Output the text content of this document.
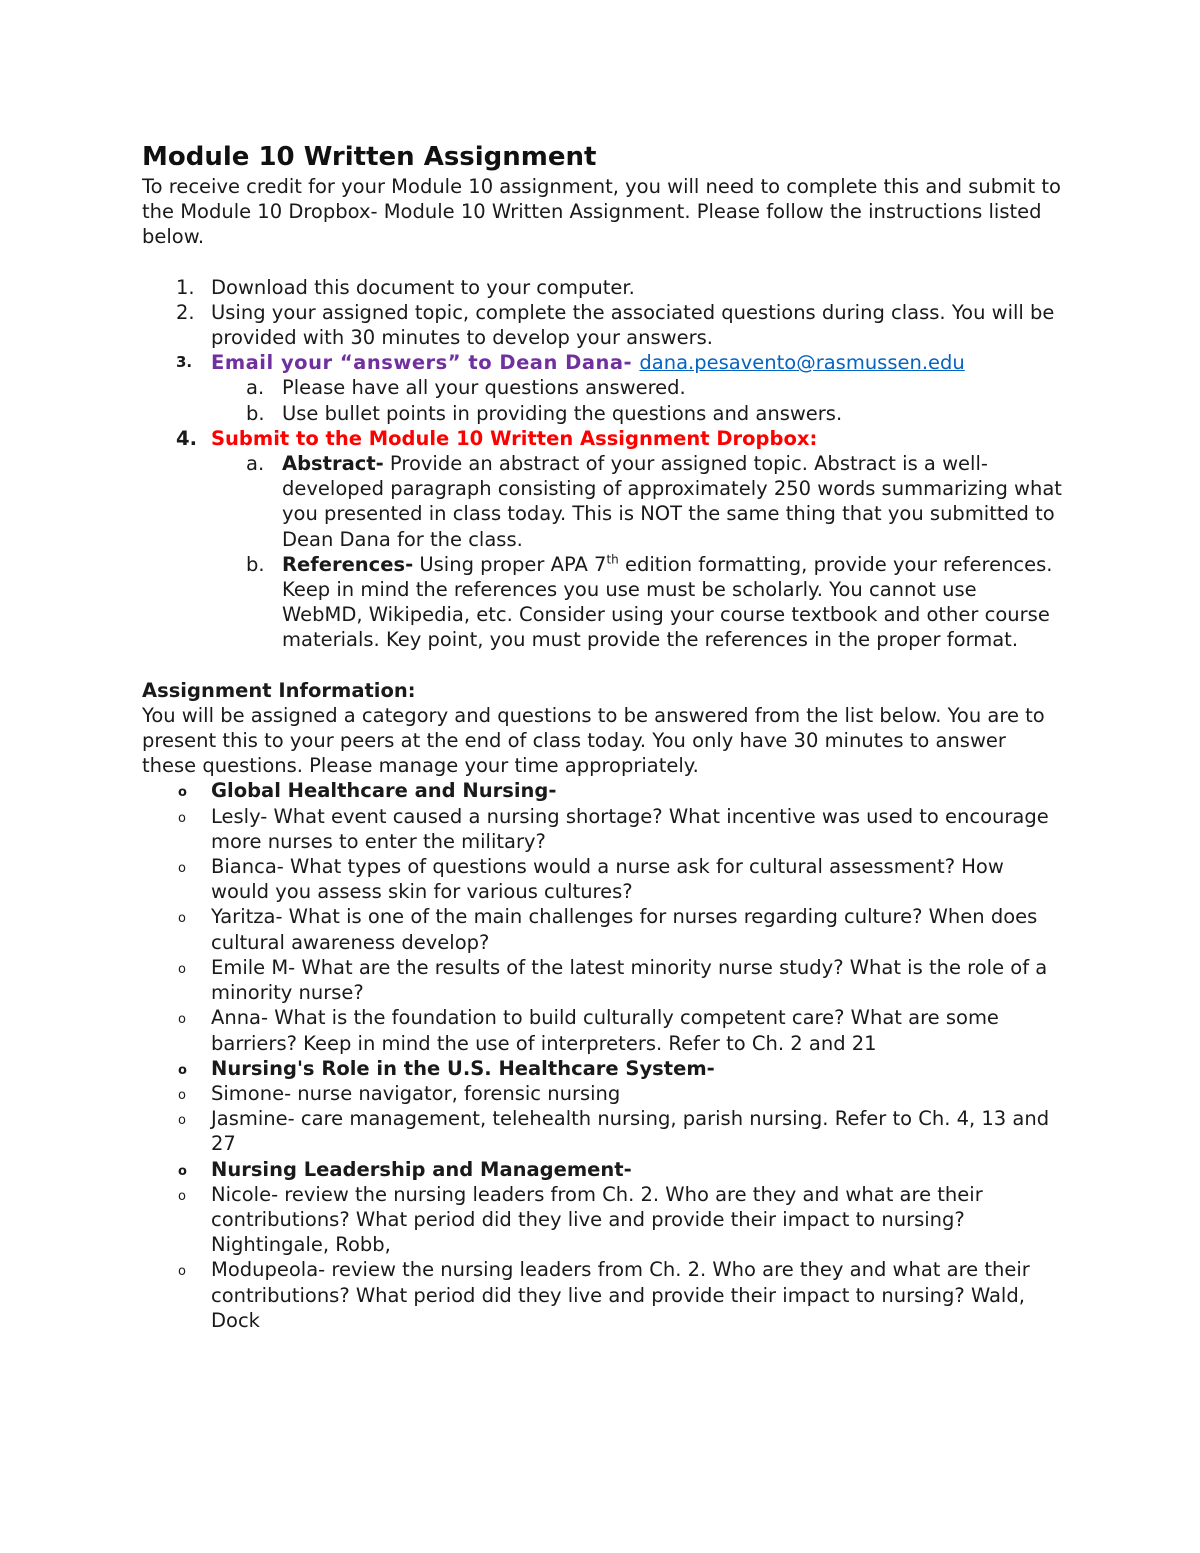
Module 10 Written Assignment

To receive credit for your Module 10 assignment, you will need to complete this and submit to the Module 10 Dropbox- Module 10 Written Assignment. Please follow the instructions listed below.

1. Download this document to your computer.
2. Using your assigned topic, complete the associated questions during class. You will be provided with 30 minutes to develop your answers.
3. Email your “answers” to Dean Dana- dana.pesavento@rasmussen.edu
a. Please have all your questions answered.
b. Use bullet points in providing the questions and answers.
4. Submit to the Module 10 Written Assignment Dropbox:
a. Abstract- Provide an abstract of your assigned topic. Abstract is a well-developed paragraph consisting of approximately 250 words summarizing what you presented in class today. This is NOT the same thing that you submitted to Dean Dana for the class.
b. References- Using proper APA 7th edition formatting, provide your references. Keep in mind the references you use must be scholarly. You cannot use WebMD, Wikipedia, etc. Consider using your course textbook and other course materials. Key point, you must provide the references in the proper format.

Assignment Information:

You will be assigned a category and questions to be answered from the list below. You are to present this to your peers at the end of class today. You only have 30 minutes to answer these questions. Please manage your time appropriately.

o Global Healthcare and Nursing-
o Lesly- What event caused a nursing shortage? What incentive was used to encourage more nurses to enter the military?
o Bianca- What types of questions would a nurse ask for cultural assessment? How would you assess skin for various cultures?
o Yaritza- What is one of the main challenges for nurses regarding culture? When does cultural awareness develop?
o Emile M- What are the results of the latest minority nurse study? What is the role of a minority nurse?
o Anna- What is the foundation to build culturally competent care? What are some barriers? Keep in mind the use of interpreters. Refer to Ch. 2 and 21
o Nursing's Role in the U.S. Healthcare System-
o Simone- nurse navigator, forensic nursing
o Jasmine- care management, telehealth nursing, parish nursing. Refer to Ch. 4, 13 and 27
o Nursing Leadership and Management-
o Nicole- review the nursing leaders from Ch. 2. Who are they and what are their contributions? What period did they live and provide their impact to nursing? Nightingale, Robb,
o Modupeola- review the nursing leaders from Ch. 2. Who are they and what are their contributions? What period did they live and provide their impact to nursing? Wald, Dock
